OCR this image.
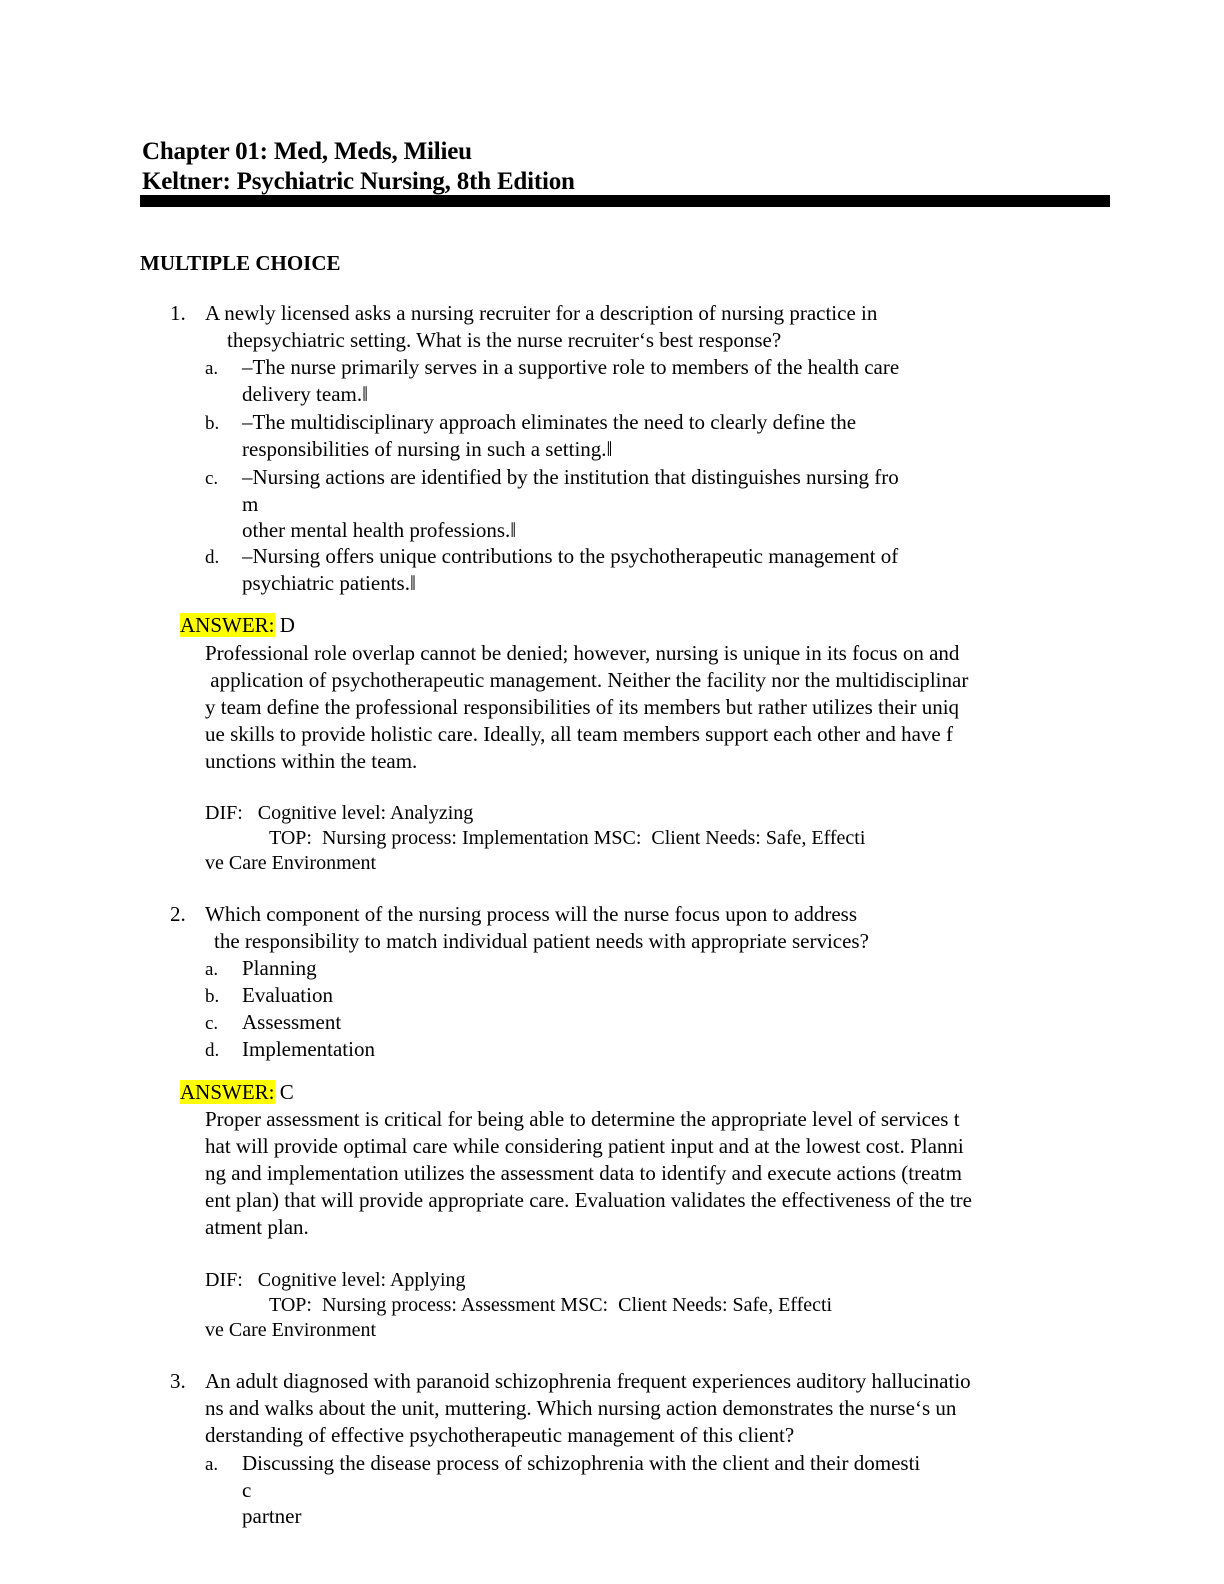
Chapter 01: Med, Meds, Milieu
Keltner: Psychiatric Nursing, 8th Edition
MULTIPLE CHOICE
1. A newly licensed asks a nursing recruiter for a description of nursing practice in
thepsychiatric setting. What is the nurse recruiter‘s best response?
a. –The nurse primarily serves in a supportive role to members of the health care
delivery team.‖
b. –The multidisciplinary approach eliminates the need to clearly define the
responsibilities of nursing in such a setting.‖
c. –Nursing actions are identified by the institution that distinguishes nursing fro
m
other mental health professions.‖
d. –Nursing offers unique contributions to the psychotherapeutic management of
psychiatric patients.‖
ANSWER: D
Professional role overlap cannot be denied; however, nursing is unique in its focus on and
application of psychotherapeutic management. Neither the facility nor the multidisciplinar
y team define the professional responsibilities of its members but rather utilizes their uniq
ue skills to provide holistic care. Ideally, all team members support each other and have f
unctions within the team.
DIF:   Cognitive level: Analyzing
TOP:  Nursing process: Implementation MSC:  Client Needs: Safe, Effecti
ve Care Environment
2. Which component of the nursing process will the nurse focus upon to address
the responsibility to match individual patient needs with appropriate services?
a. Planning
b. Evaluation
c. Assessment
d. Implementation
ANSWER: C
Proper assessment is critical for being able to determine the appropriate level of services t
hat will provide optimal care while considering patient input and at the lowest cost. Planni
ng and implementation utilizes the assessment data to identify and execute actions (treatm
ent plan) that will provide appropriate care. Evaluation validates the effectiveness of the tre
atment plan.
DIF:   Cognitive level: Applying
TOP:  Nursing process: Assessment MSC:  Client Needs: Safe, Effecti
ve Care Environment
3. An adult diagnosed with paranoid schizophrenia frequent experiences auditory hallucinatio
ns and walks about the unit, muttering. Which nursing action demonstrates the nurse‘s un
derstanding of effective psychotherapeutic management of this client?
a. Discussing the disease process of schizophrenia with the client and their domesti
c
partner
